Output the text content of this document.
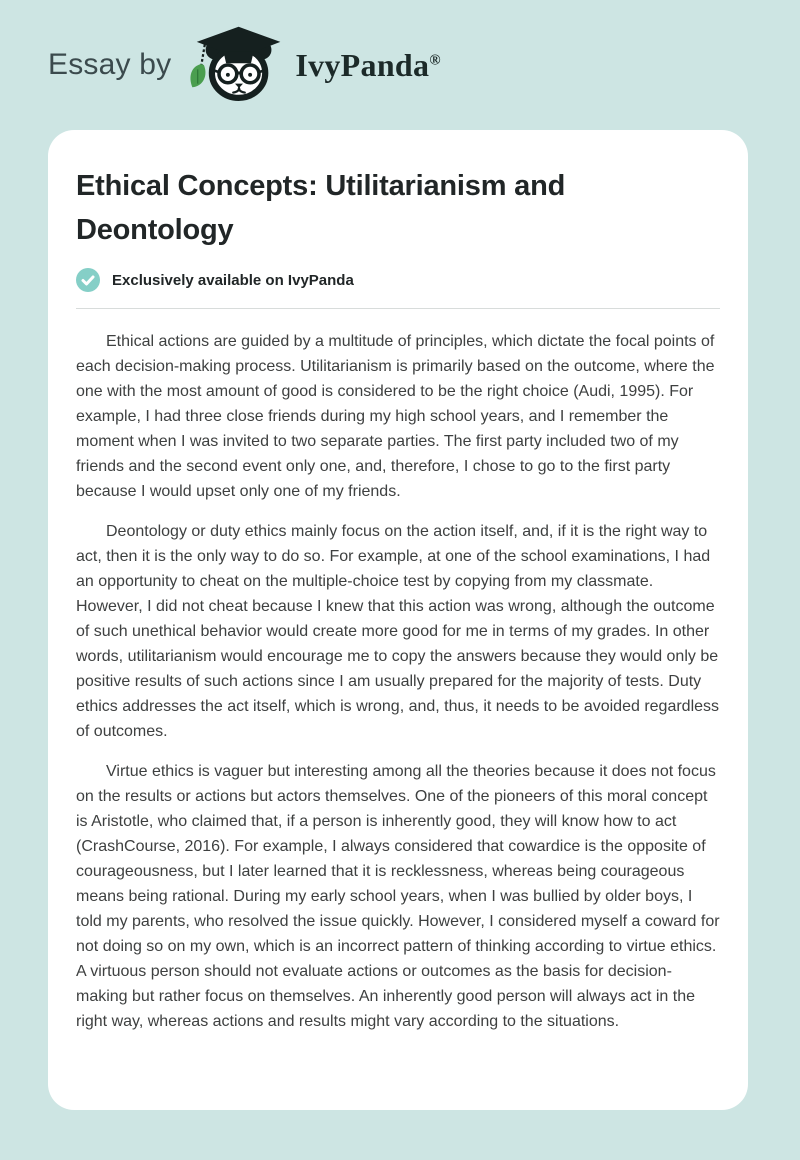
Essay by	IvyPanda®
Ethical Concepts: Utilitarianism and Deontology
Exclusively available on IvyPanda

Ethical actions are guided by a multitude of principles, which dictate the focal points of each decision-making process. Utilitarianism is primarily based on the outcome, where the one with the most amount of good is considered to be the right choice (Audi, 1995). For example, I had three close friends during my high school years, and I remember the moment when I was invited to two separate parties. The first party included two of my friends and the second event only one, and, therefore, I chose to go to the first party because I would upset only one of my friends.

Deontology or duty ethics mainly focus on the action itself, and, if it is the right way to act, then it is the only way to do so. For example, at one of the school examinations, I had an opportunity to cheat on the multiple-choice test by copying from my classmate. However, I did not cheat because I knew that this action was wrong, although the outcome of such unethical behavior would create more good for me in terms of my grades. In other words, utilitarianism would encourage me to copy the answers because they would only be positive results of such actions since I am usually prepared for the majority of tests. Duty ethics addresses the act itself, which is wrong, and, thus, it needs to be avoided regardless of outcomes.

Virtue ethics is vaguer but interesting among all the theories because it does not focus on the results or actions but actors themselves. One of the pioneers of this moral concept is Aristotle, who claimed that, if a person is inherently good, they will know how to act (CrashCourse, 2016). For example, I always considered that cowardice is the opposite of courageousness, but I later learned that it is recklessness, whereas being courageous means being rational. During my early school years, when I was bullied by older boys, I told my parents, who resolved the issue quickly. However, I considered myself a coward for not doing so on my own, which is an incorrect pattern of thinking according to virtue ethics. A virtuous person should not evaluate actions or outcomes as the basis for decision-making but rather focus on themselves. An inherently good person will always act in the right way, whereas actions and results might vary according to the situations.
